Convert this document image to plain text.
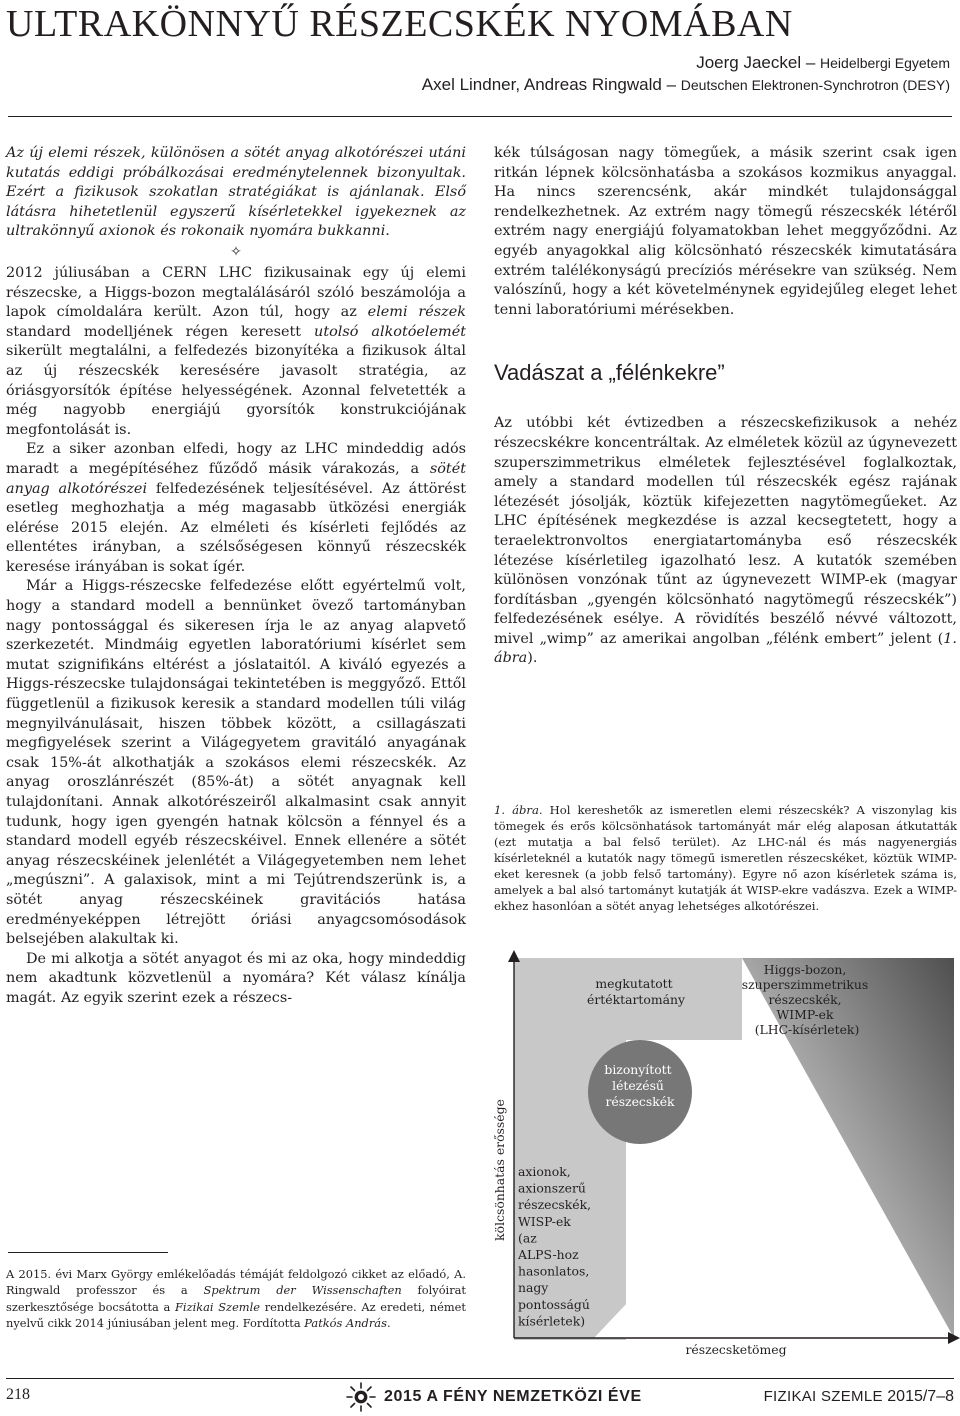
ULTRAKÖNNYŰ RÉSZECSKÉK NYOMÁBAN
Joerg Jaeckel – Heidelbergi Egyetem
Axel Lindner, Andreas Ringwald – Deutschen Elektronen-Synchrotron (DESY)

Az új elemi részek, különösen a sötét anyag alkotórészei utáni kutatás eddigi próbálkozásai eredménytelennek bizonyultak. Ezért a fizikusok szokatlan stratégiákat is ajánlanak. Első látásra hihetetlenül egyszerű kísérletekkel igyekeznek az ultrakönnyű axionok és rokonaik nyomára bukkanni.

✧

2012 júliusában a CERN LHC fizikusainak egy új elemi részecske, a Higgs-bozon megtalálásáról szóló beszámolója a lapok címoldalára került. Azon túl, hogy az elemi részek standard modelljének régen keresett utolsó alkotóelemét sikerült megtalálni, a felfedezés bizonyítéka a fizikusok által az új részecskék keresésére javasolt stratégia, az óriásgyorsítók építése helyességének. Azonnal felvetették a még nagyobb energiájú gyorsítók konstrukciójának megfontolását is.

Ez a siker azonban elfedi, hogy az LHC mindeddig adós maradt a megépítéséhez fűződő másik várakozás, a sötét anyag alkotórészei felfedezésének teljesítésével. Az áttörést esetleg meghozhatja a még magasabb ütközési energiák elérése 2015 elején. Az elméleti és kísérleti fejlődés az ellentétes irányban, a szélsőségesen könnyű részecskék keresése irányában is sokat ígér.

Már a Higgs-részecske felfedezése előtt egyértelmű volt, hogy a standard modell a bennünket övező tartományban nagy pontossággal és sikeresen írja le az anyag alapvető szerkezetét. Mindmáig egyetlen laboratóriumi kísérlet sem mutat szignifikáns eltérést a jóslataitól. A kiváló egyezés a Higgs-részecske tulajdonságai tekintetében is meggyőző. Ettől függetlenül a fizikusok keresik a standard modellen túli világ megnyilvánulásait, hiszen többek között, a csillagászati megfigyelések szerint a Világegyetem gravitáló anyagának csak 15%-át alkothatják a szokásos elemi részecskék. Az anyag oroszlánrészét (85%-át) a sötét anyagnak kell tulajdonítani. Annak alkotórészeiről alkalmasint csak annyit tudunk, hogy igen gyengén hatnak kölcsön a fénnyel és a standard modell egyéb részecskéivel. Ennek ellenére a sötét anyag részecskéinek jelenlétét a Világegyetemben nem lehet „megúszni”. A galaxisok, mint a mi Tejútrendszerünk is, a sötét anyag részecskéinek gravitációs hatása eredményeképpen létrejött óriási anyagcsomósodások belsejében alakultak ki.

De mi alkotja a sötét anyagot és mi az oka, hogy mindeddig nem akadtunk közvetlenül a nyomára? Két válasz kínálja magát. Az egyik szerint ezek a részecs-

A 2015. évi Marx György emlékelőadás témáját feldolgozó cikket az előadó, A. Ringwald professzor és a Spektrum der Wissenschaften folyóirat szerkesztősége bocsátotta a Fizikai Szemle rendelkezésére. Az eredeti, német nyelvű cikk 2014 júniusában jelent meg. Fordította Patkós András.

kék túlságosan nagy tömegűek, a másik szerint csak igen ritkán lépnek kölcsönhatásba a szokásos kozmikus anyaggal. Ha nincs szerencsénk, akár mindkét tulajdonsággal rendelkezhetnek. Az extrém nagy tömegű részecskék létéről extrém nagy energiájú folyamatokban lehet meggyőződni. Az egyéb anyagokkal alig kölcsönható részecskék kimutatására extrém talélékonyságú precíziós mérésekre van szükség. Nem valószínű, hogy a két követelménynek egyidejűleg eleget lehet tenni laboratóriumi mérésekben.

Vadászat a „félénkekre”

Az utóbbi két évtizedben a részecskefizikusok a nehéz részecskékre koncentráltak. Az elméletek közül az úgynevezett szuperszimmetrikus elméletek fejlesztésével foglalkoztak, amely a standard modellen túl részecskék egész rajának létezését jósolják, köztük kifejezetten nagytömegűeket. Az LHC építésének megkezdése is azzal kecsegtetett, hogy a teraelektronvoltos energiatartományba eső részecskék létezése kísérletileg igazolható lesz. A kutatók szemében különösen vonzónak tűnt az úgynevezett WIMP-ek (magyar fordításban „gyengén kölcsönható nagytömegű részecskék”) felfedezésének esélye. A rövidítés beszélő névvé változott, mivel „wimp” az amerikai angolban „félénk embert” jelent (1. ábra).

1. ábra. Hol kereshetők az ismeretlen elemi részecskék? A viszonylag kis tömegek és erős kölcsönhatások tartományát már elég alaposan átkutatták (ezt mutatja a bal felső terület). Az LHC-nál és más nagyenergiás kísérleteknél a kutatók nagy tömegű ismeretlen részecskéket, köztük WIMP-eket keresnek (a jobb felső tartomány). Egyre nő azon kísérletek száma is, amelyek a bal alsó tartományt kutatják át WISP-ekre vadászva. Ezek a WIMP-ekhez hasonlóan a sötét anyag lehetséges alkotórészei.
megkutatott értéktartomány
bizonyított létezésű részecskék
Higgs-bozon, szuperszimmetrikus részecskék, WIMP-ek (LHC-kísérletek)
axionok, axionszerű részecskék, WISP-ek (az ALPS-hoz hasonlatos, nagy pontosságú kísérletek)
kölcsönhatás erőssége
részecsketömeg
218	2015 A FÉNY NEMZETKÖZI ÉVE	FIZIKAI SZEMLE 2015/7–8
